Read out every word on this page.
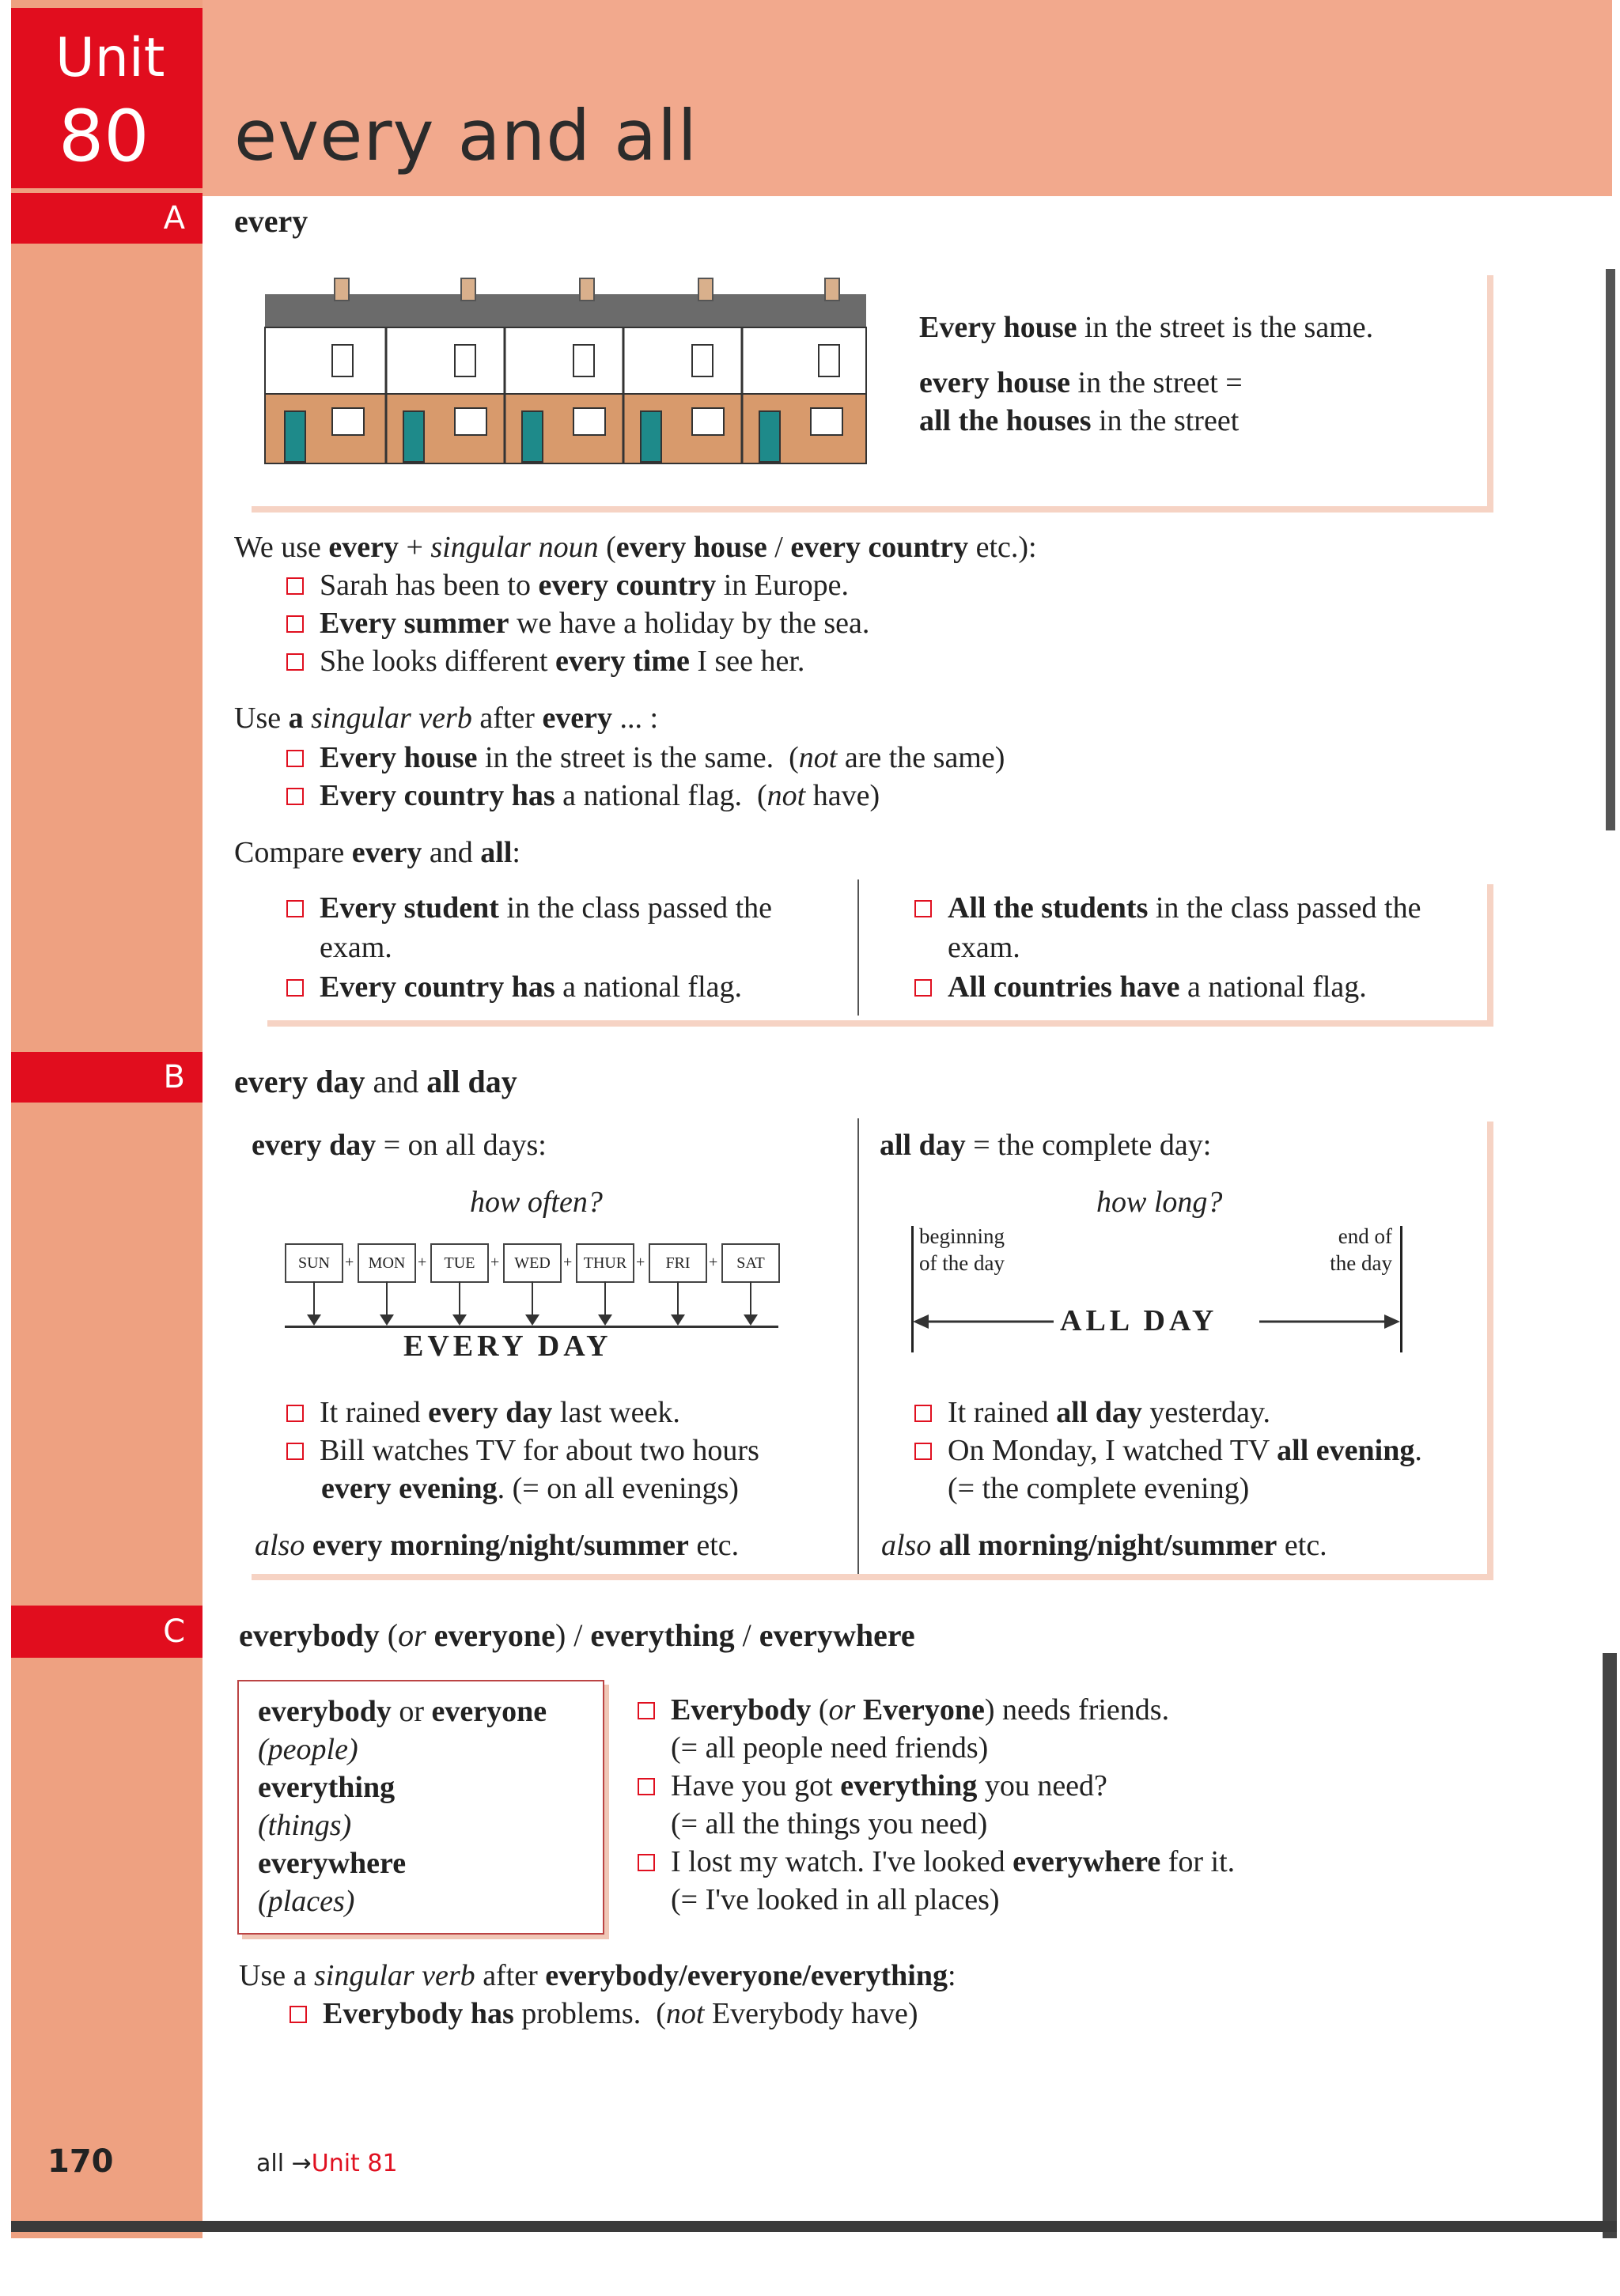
Unit
80 every and all
A
B
C
170
every
Every house in the street is the same.
every house in the street =
all the houses in the street
We use every + singular noun (every house / every country etc.):
Sarah has been to every country in Europe.
Every summer we have a holiday by the sea.
She looks different every time I see her.
Use a singular verb after every ... :
Every house in the street is the same. (not are the same)
Every country has a national flag. (not have)
Compare every and all:
Every student in the class passed the
exam.
Every country has a national flag.
All the students in the class passed the
exam.
All countries have a national flag.
every day and all day
every day = on all days:
how often?
SUN + MON +	TUE + WED + THUR +	FRI	+	SAT
EVERY DAY
It rained every day last week.
Bill watches TV for about two hours
every evening. (= on all evenings)
also every morning/night/summer etc.
all day = the complete day:
how long?
beginning
of the day
end of
the day
ALL DAY
It rained all day yesterday.
On Monday, I watched TV all evening.
(= the complete evening)
also all morning/night/summer etc.
everybody (or everyone) / everything / everywhere
everybody or everyone
(people)
everything
(things)
everywhere
(places)
Everybody (or Everyone) needs friends.
(= all people need friends)
Have you got everything you need?
(= all the things you need)
I lost my watch. I've looked everywhere for it.
(= I've looked in all places)
Use a singular verb after everybody/everyone/everything:
Everybody has problems. (not Everybody have)
all →Unit 81
